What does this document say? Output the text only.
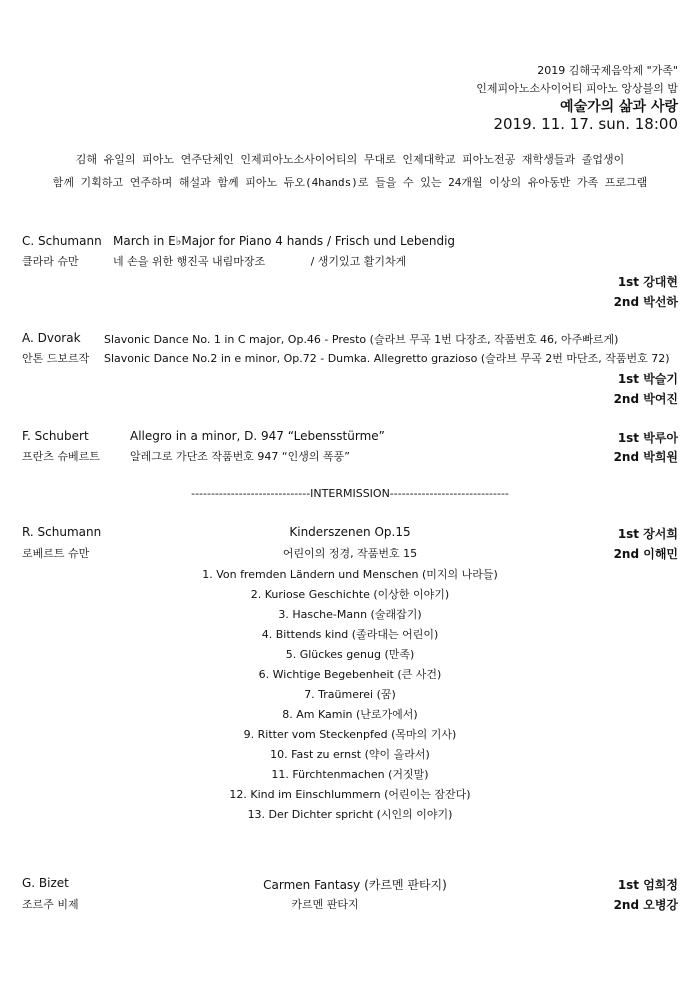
2019 김해국제음악제 "가족"
인제피아노소사이어티 피아노 앙상블의 밤
예술가의 삶과 사랑
2019. 11. 17. sun. 18:00
김해 유일의 피아노 연주단체인 인제피아노소사이어티의 무대로 인제대학교 피아노전공 재학생들과 졸업생이
함께 기획하고 연주하며 해설과 함께 피아노 듀오(4hands)로 들을 수 있는 24개월 이상의 유아동반 가족 프로그램
C. Schumann March in E♭Major for Piano 4 hands / Frisch und Lebendig
클라라 슈만	네 손을 위한 행진곡 내림마장조             / 생기있고 활기차게
1st 강대현
2nd 박선하
A. Dvorak Slavonic Dance No. 1 in C major, Op.46 - Presto (슬라브 무곡 1번 다장조, 작품번호 46, 아주빠르게)
안톤 드보르작 Slavonic Dance No.2 in e minor, Op.72 - Dumka. Allegretto grazioso (슬라브 무곡 2번 마단조, 작품번호 72)
1st 박슬기
2nd 박여진
F. Schubert	Allegro in a minor, D. 947 “Lebensstürme”	1st 박루아
프란츠 슈베르트	알레그로 가단조 작품번호 947 “인생의 폭풍”	2nd 박희원
------------------------------INTERMISSION------------------------------
R. Schumann	Kinderszenen Op.15	1st 장서희
로베르트 슈만	어린이의 정경, 작품번호 15	2nd 이해민
1. Von fremden Ländern und Menschen (미지의 나라들)
2. Kuriose Geschichte (이상한 이야기)
3. Hasche-Mann (술래잡기)
4. Bittends kind (졸라대는 어린이)
5. Glückes genug (만족)
6. Wichtige Begebenheit (큰 사건)
7. Traümerei (꿈)
8. Am Kamin (난로가에서)
9. Ritter vom Steckenpfed (목마의 기사)
10. Fast zu ernst (약이 올라서)
11. Fürchtenmachen (거짓말)
12. Kind im Einschlummern (어린이는 잠잔다)
13. Der Dichter spricht (시인의 이야기)
G. Bizet	Carmen Fantasy (카르멘 판타지)	1st 엄희정
조르주 비제	카르멘 판타지	2nd 오병강
